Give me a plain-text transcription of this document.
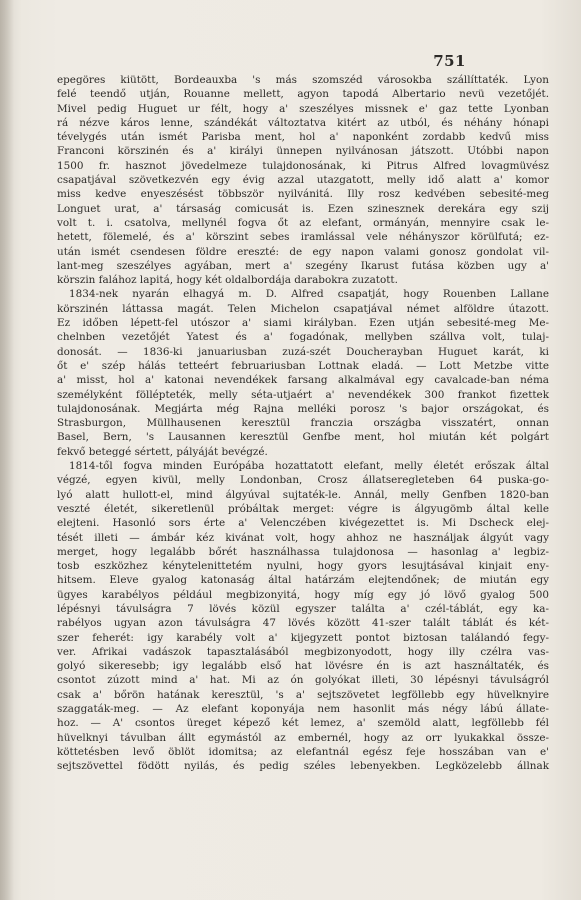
751
epegöres kiütött, Bordeauxba 's más szomszéd városokba szállíttaték. Lyon
felé teendő utján, Rouanne mellett, agyon tapodá Albertario nevü vezetőjét.
Mivel pedig Huguet ur félt, hogy a' szeszélyes missnek e' gaz tette Lyonban
rá nézve káros lenne, szándékát változtatva kitért az utból, és néhány hónapi
tévelygés után ismét Parisba ment, hol a' naponként zordabb kedvű miss
Franconi körszinén és a' királyi ünnepen nyilvánosan játszott. Utóbbi napon
1500 fr. hasznot jövedelmeze tulajdonosának, ki Pitrus Alfred lovagmüvész
csapatjával szövetkezvén egy évig azzal utazgatott, melly idő alatt a' komor
miss kedve enyeszésést többször nyilvánitá. Illy rosz kedvében sebesité-meg
Longuet urat, a' társaság comicusát is. Ezen szinesznek derekára egy szij
volt t. i. csatolva, mellynél fogva őt az elefant, ormányán, mennyire csak le-
hetett, fölemelé, és a' körszint sebes iramlással vele néhányszor körülfutá; ez-
után ismét csendesen földre ereszté: de egy napon valami gonosz gondolat vil-
lant-meg szeszélyes agyában, mert a' szegény Ikarust futása közben ugy a'
körszin falához lapitá, hogy két oldalbordája darabokra zuzatott.
1834-nek nyarán elhagyá m. D. Alfred csapatját, hogy Rouenben Lallane
körszinén láttassa magát. Telen Michelon csapatjával német alföldre útazott.
Ez időben lépett-fel utószor a' siami királyban. Ezen utján sebesité-meg Me-
chelnben vezetőjét Yatest és a' fogadónak, mellyben szállva volt, tulaj-
donosát. — 1836-ki januariusban zuzá-szét Doucherayban Huguet karát, ki
őt e' szép hálás tetteért februariusban Lottnak eladá. — Lott Metzbe vitte
a' misst, hol a' katonai nevendékek farsang alkalmával egy cavalcade-ban néma
személyként föllépteték, melly séta-utjaért a' nevendékek 300 frankot fizettek
tulajdonosának. Megjárta még Rajna melléki porosz 's bajor országokat, és
Strasburgon, Müllhausenen keresztül franczia országba visszatért, onnan
Basel, Bern, 's Lausannen keresztül Genfbe ment, hol miután két polgárt
fekvő beteggé sértett, pályáját bevégzé.
1814-től fogva minden Európába hozattatott elefant, melly életét erőszak által
végzé, egyen kivül, melly Londonban, Crosz állatseregleteben 64 puska-go-
lyó alatt hullott-el, mind álgyúval sujtaték-le. Annál, melly Genfben 1820-ban
veszté életét, sikeretlenül próbáltak merget: végre is álgyugömb által kelle
elejteni. Hasonló sors érte a' Velenczében kivégezettet is. Mi Dscheck elej-
tését illeti — ámbár kéz kivánat volt, hogy ahhoz ne használjak álgyút vagy
merget, hogy legalább bőrét használhassa tulajdonosa — hasonlag a' legbiz-
tosb eszközhez kénytelenittetém nyulni, hogy gyors lesujtásával kinjait eny-
hitsem. Eleve gyalog katonaság által határzám elejtendőnek; de miután egy
ügyes karabélyos például megbizonyitá, hogy míg egy jó lövő gyalog 500
lépésnyi távulságra 7 lövés közül egyszer találta a' czél-táblát, egy ka-
rabélyos ugyan azon távulságra 47 lövés között 41-szer talált táblát és két-
szer feherét: igy karabély volt a' kijegyzett pontot biztosan találandó fegy-
ver. Afrikai vadászok tapasztalásából megbizonyodott, hogy illy czélra vas-
golyó sikeresebb; igy legalább első hat lövésre én is azt használtaték, és
csontot zúzott mind a' hat. Mi az ón golyókat illeti, 30 lépésnyi távulságról
csak a' bőrön hatának keresztül, 's a' sejtszövetet legföllebb egy hüvelknyire
szaggaták-meg. — Az elefant koponyája nem hasonlit más négy lábú állate-
hoz. — A' csontos üreget képező két lemez, a' szemöld alatt, legföllebb fél
hüvelknyi távulban állt egymástól az embernél, hogy az orr lyukakkal össze-
köttetésben levő öblöt idomitsa; az elefantnál egész feje hosszában van e'
sejtszövettel födött nyilás, és pedig széles lebenyekben. Legközelebb állnak
